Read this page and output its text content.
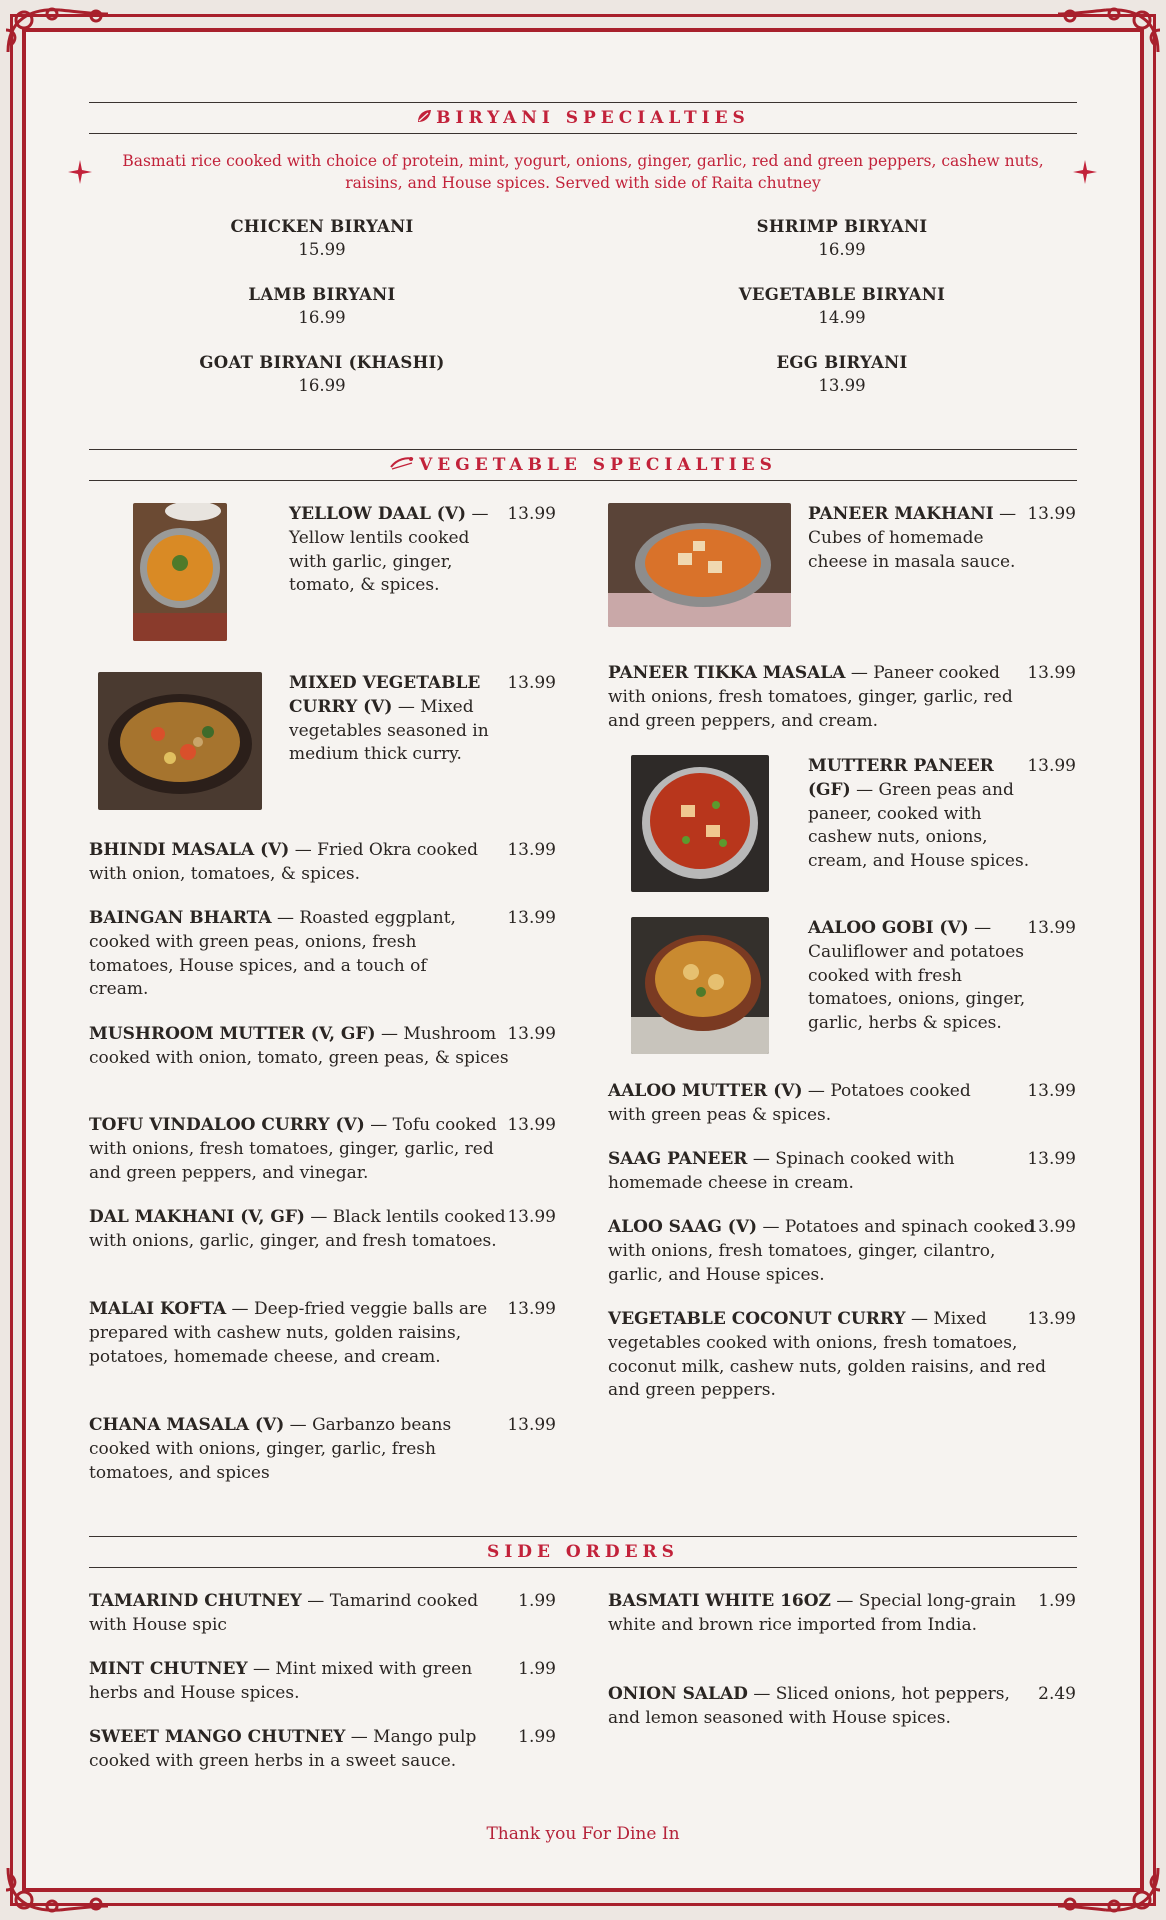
BIRYANI SPECIALTIES
Basmati rice cooked with choice of protein, mint, yogurt, onions, ginger, garlic, red and green peppers, cashew nuts, raisins, and House spices. Served with side of Raita chutney
CHICKEN BIRYANI
15.99
SHRIMP BIRYANI
16.99
LAMB BIRYANI
16.99
VEGETABLE BIRYANI
14.99
GOAT BIRYANI (KHASHI)
16.99
EGG BIRYANI
13.99
VEGETABLE SPECIALTIES
YELLOW DAAL (V) — Yellow lentils cooked with garlic, ginger, tomato, & spices.
13.99
MIXED VEGETABLE CURRY (V) — Mixed vegetables seasoned in medium thick curry.
13.99
BHINDI MASALA (V) — Fried Okra cooked with onion, tomatoes, & spices.
13.99
BAINGAN BHARTA — Roasted eggplant, cooked with green peas, onions, fresh tomatoes, House spices, and a touch of cream.
13.99
MUSHROOM MUTTER (V, GF) — Mushroom cooked with onion, tomato, green peas, & spices
13.99
TOFU VINDALOO CURRY (V) — Tofu cooked with onions, fresh tomatoes, ginger, garlic, red and green peppers, and vinegar.
13.99
DAL MAKHANI (V, GF) — Black lentils cooked with onions, garlic, ginger, and fresh tomatoes.
13.99
MALAI KOFTA — Deep-fried veggie balls are prepared with cashew nuts, golden raisins, potatoes, homemade cheese, and cream.
13.99
CHANA MASALA (V) — Garbanzo beans cooked with onions, ginger, garlic, fresh tomatoes, and spices
13.99
PANEER MAKHANI — Cubes of homemade cheese in masala sauce.
13.99
PANEER TIKKA MASALA — Paneer cooked with onions, fresh tomatoes, ginger, garlic, red and green peppers, and cream.
13.99
MUTTERR PANEER (GF) — Green peas and paneer, cooked with cashew nuts, onions, cream, and House spices.
13.99
AALOO GOBI (V) — Cauliflower and potatoes cooked with fresh tomatoes, onions, ginger, garlic, herbs & spices.
13.99
AALOO MUTTER (V) — Potatoes cooked with green peas & spices.
13.99
SAAG PANEER — Spinach cooked with homemade cheese in cream.
13.99
ALOO SAAG (V) — Potatoes and spinach cooked with onions, fresh tomatoes, ginger, cilantro, garlic, and House spices.
13.99
VEGETABLE COCONUT CURRY — Mixed vegetables cooked with onions, fresh tomatoes, coconut milk, cashew nuts, golden raisins, and red and green peppers.
13.99
SIDE ORDERS
TAMARIND CHUTNEY — Tamarind cooked with House spic
1.99
MINT CHUTNEY — Mint mixed with green herbs and House spices.
1.99
SWEET MANGO CHUTNEY — Mango pulp cooked with green herbs in a sweet sauce.
1.99
BASMATI WHITE 16OZ — Special long-grain white and brown rice imported from India.
1.99
ONION SALAD — Sliced onions, hot peppers, and lemon seasoned with House spices.
2.49
Thank you For Dine In
